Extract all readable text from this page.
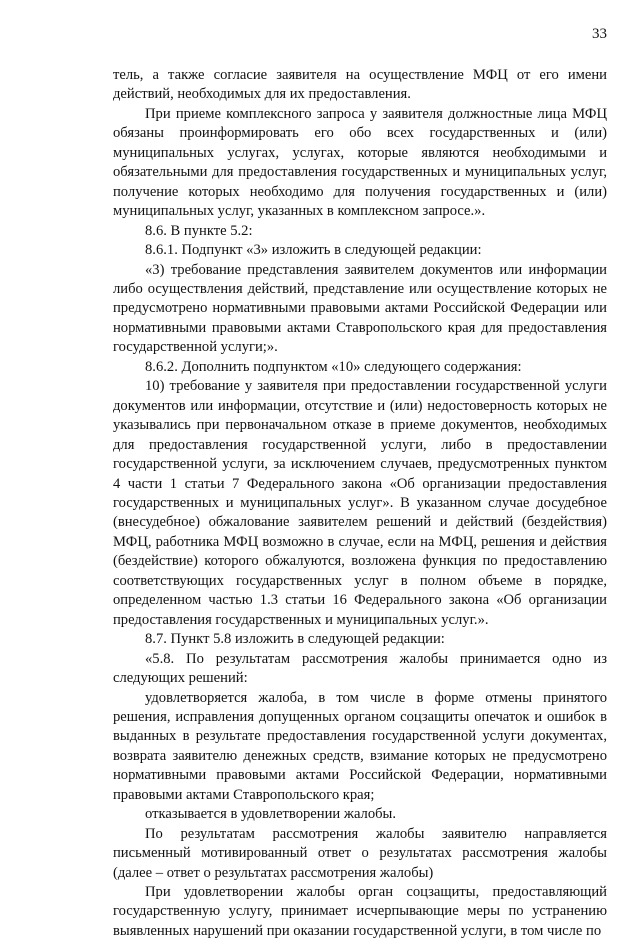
33

тель, а также согласие заявителя на осуществление МФЦ от его имени действий, необходимых для их предоставления.

При приеме комплексного запроса у заявителя должностные лица МФЦ обязаны проинформировать его обо всех государственных и (или) муниципальных услугах, услугах, которые являются необходимыми и обязательными для предоставления государственных и муниципальных услуг, получение которых необходимо для получения государственных и (или) муниципальных услуг, указанных в комплексном запросе.».

8.6. В пункте 5.2:

8.6.1. Подпункт «3» изложить в следующей редакции:

«3) требование представления заявителем документов или информации либо осуществления действий, представление или осуществление которых не предусмотрено нормативными правовыми актами Российской Федерации или нормативными правовыми актами Ставропольского края для предоставления государственной услуги;».

8.6.2. Дополнить подпунктом «10» следующего содержания:

10) требование у заявителя при предоставлении государственной услуги документов или информации, отсутствие и (или) недостоверность которых не указывались при первоначальном отказе в приеме документов, необходимых для предоставления государственной услуги, либо в предоставлении государственной услуги, за исключением случаев, предусмотренных пунктом 4 части 1 статьи 7 Федерального закона «Об организации предоставления государственных и муниципальных услуг». В указанном случае досудебное (внесудебное) обжалование заявителем решений и действий (бездействия) МФЦ, работника МФЦ возможно в случае, если на МФЦ, решения и действия (бездействие) которого обжалуются, возложена функция по предоставлению соответствующих государственных услуг в полном объеме в порядке, определенном частью 1.3 статьи 16 Федерального закона «Об организации предоставления государственных и муниципальных услуг.».

8.7. Пункт 5.8 изложить в следующей редакции:

«5.8. По результатам рассмотрения жалобы принимается одно из следующих решений:

удовлетворяется жалоба, в том числе в форме отмены принятого решения, исправления допущенных органом соцзащиты опечаток и ошибок в выданных в результате предоставления государственной услуги документах, возврата заявителю денежных средств, взимание которых не предусмотрено нормативными правовыми актами Российской Федерации, нормативными правовыми актами Ставропольского края;

отказывается в удовлетворении жалобы.

По результатам рассмотрения жалобы заявителю направляется письменный мотивированный ответ о результатах рассмотрения жалобы (далее – ответ о результатах рассмотрения жалобы)

При удовлетворении жалобы орган соцзащиты, предоставляющий государственную услугу, принимает исчерпывающие меры по устранению выявленных нарушений при оказании государственной услуги, в том числе по
